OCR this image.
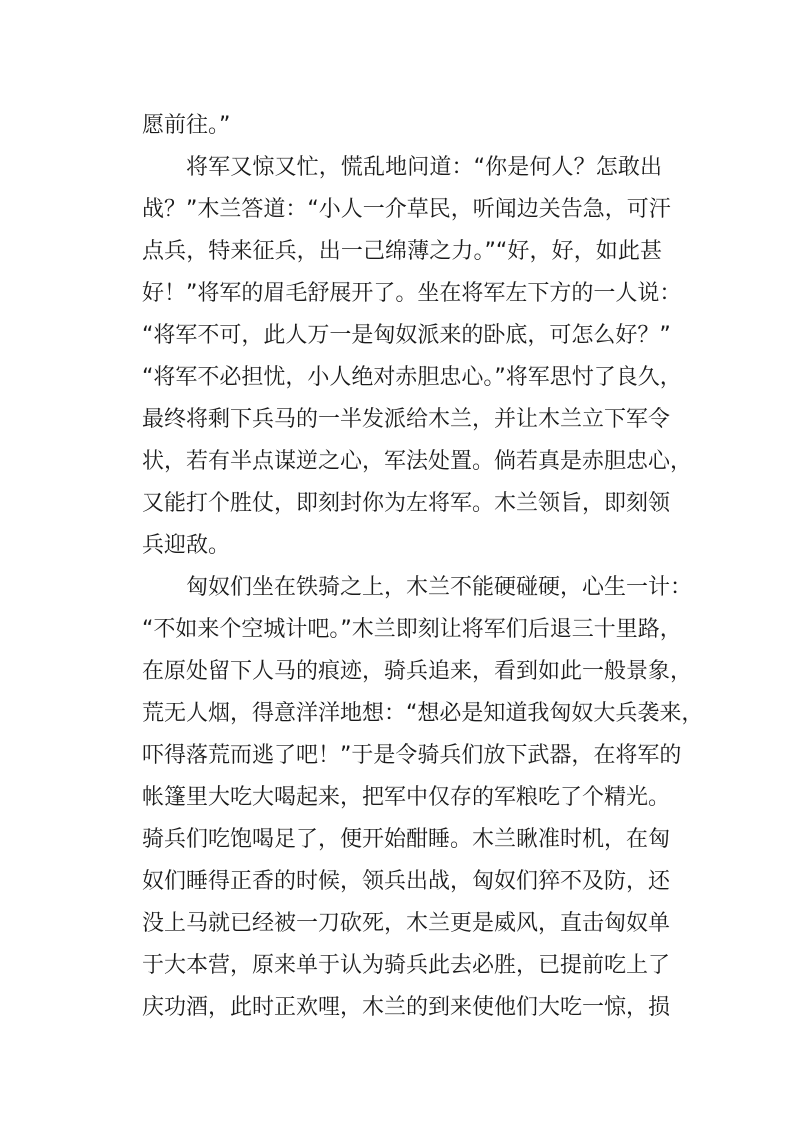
愿前往。”
将军又惊又忙，慌乱地问道：“你是何人？怎敢出
战？”木兰答道：“小人一介草民，听闻边关告急，可汗
点兵，特来征兵，出一己绵薄之力。”“好，好，如此甚
好！”将军的眉毛舒展开了。坐在将军左下方的一人说：
“将军不可，此人万一是匈奴派来的卧底，可怎么好？”
“将军不必担忧，小人绝对赤胆忠心。”将军思忖了良久，
最终将剩下兵马的一半发派给木兰，并让木兰立下军令
状，若有半点谋逆之心，军法处置。倘若真是赤胆忠心，
又能打个胜仗，即刻封你为左将军。木兰领旨，即刻领
兵迎敌。
匈奴们坐在铁骑之上，木兰不能硬碰硬，心生一计：
“不如来个空城计吧。”木兰即刻让将军们后退三十里路，
在原处留下人马的痕迹，骑兵追来，看到如此一般景象，
荒无人烟，得意洋洋地想：“想必是知道我匈奴大兵袭来，
吓得落荒而逃了吧！”于是令骑兵们放下武器，在将军的
帐篷里大吃大喝起来，把军中仅存的军粮吃了个精光。
骑兵们吃饱喝足了，便开始酣睡。木兰瞅准时机，在匈
奴们睡得正香的时候，领兵出战，匈奴们猝不及防，还
没上马就已经被一刀砍死，木兰更是威风，直击匈奴单
于大本营，原来单于认为骑兵此去必胜，已提前吃上了
庆功酒，此时正欢哩，木兰的到来使他们大吃一惊，损
